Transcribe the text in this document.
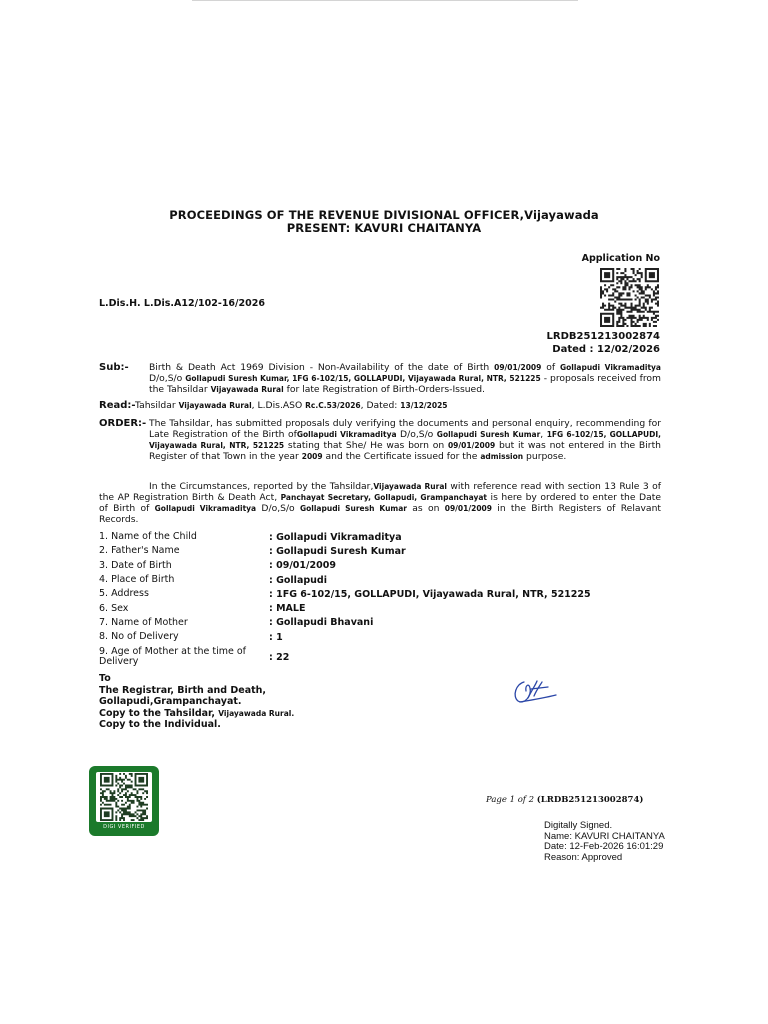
PROCEEDINGS OF THE REVENUE DIVISIONAL OFFICER,Vijayawada
PRESENT: KAVURI CHAITANYA
Application No
L.Dis.H. L.Dis.A12/102-16/2026
LRDB251213002874
Dated : 12/02/2026
Sub:- Birth & Death Act 1969 Division - Non-Availability of the date of Birth 09/01/2009 of Gollapudi Vikramaditya D/o,S/o Gollapudi Suresh Kumar, 1FG 6-102/15, GOLLAPUDI, Vijayawada Rural, NTR, 521225 - proposals received from the Tahsildar Vijayawada Rural for late Registration of Birth-Orders-Issued.
Read:- Tahsildar Vijayawada Rural, L.Dis.ASO Rc.C.53/2026, Dated: 13/12/2025
ORDER:- The Tahsildar, has submitted proposals duly verifying the documents and personal enquiry, recommending for Late Registration of the Birth ofGollapudi Vikramaditya D/o,S/o Gollapudi Suresh Kumar, 1FG 6-102/15, GOLLAPUDI, Vijayawada Rural, NTR, 521225 stating that She/ He was born on 09/01/2009 but it was not entered in the Birth Register of that Town in the year 2009 and the Certificate issued for the admission purpose.
In the Circumstances, reported by the Tahsildar,Vijayawada Rural with reference read with section 13 Rule 3 of the AP Registration Birth & Death Act, Panchayat Secretary, Gollapudi, Grampanchayat is here by ordered to enter the Date of Birth of Gollapudi Vikramaditya D/o,S/o Gollapudi Suresh Kumar as on 09/01/2009 in the Birth Registers of Relavant Records.
1. Name of the Child	: Gollapudi Vikramaditya
2. Father's Name	: Gollapudi Suresh Kumar
3. Date of Birth	: 09/01/2009
4. Place of Birth	: Gollapudi
5. Address	: 1FG 6-102/15, GOLLAPUDI, Vijayawada Rural, NTR, 521225
6. Sex	: MALE
7. Name of Mother	: Gollapudi Bhavani
8. No of Delivery	: 1
9. Age of Mother at the time of Delivery	: 22
To
The Registrar, Birth and Death,
Gollapudi,Grampanchayat.
Copy to the Tahsildar, Vijayawada Rural.
Copy to the Individual.
DIGI VERIFIED
Page 1 of 2 (LRDB251213002874)
Digitally Signed.
Name: KAVURI CHAITANYA
Date: 12-Feb-2026 16:01:29
Reason: Approved
